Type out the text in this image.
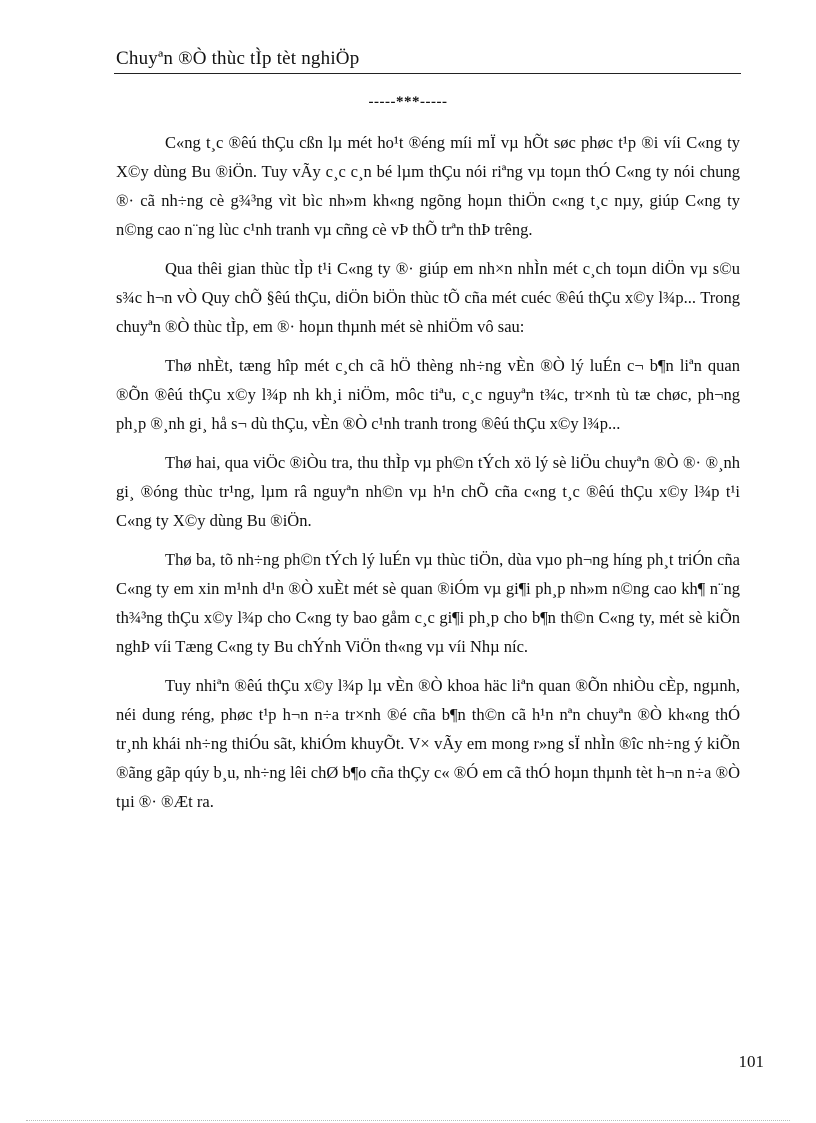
Chuyªn ®Ò thùc tÌp tèt nghiÖp
-----***-----

C«ng t¸c ®êú thÇu cßn lµ mét ho¹t ®éng míi mÏ vµ hÕt søc phøc t¹p ®i víi C«ng ty X©y dùng Bu ®iÖn. Tuy vÃy c¸c c¸n bé lµm thÇu nói riªng vµ toµn thÓ C«ng ty nói chung ®· cã nh÷ng cè g¾³ng vìt bìc nh»m kh«ng ngõng hoµn thiÖn c«ng t¸c nµy, giúp C«ng ty n©ng cao n¨ng lùc c¹nh tranh vµ cñng cè vÞ thÕ trªn thÞ trêng.

Qua thêi gian thùc tÌp t¹i C«ng ty ®· giúp em nh×n nhÌn mét c¸ch toµn diÖn vµ s©u s¾c h¬n vÒ Quy chÕ §êú thÇu, diÖn biÖn thùc tÕ cña mét cuéc ®êú thÇu x©y l¾p... Trong chuyªn ®Ò thùc tÌp, em ®· hoµn thµnh mét sè nhiÖm vô sau:

Thø nhÈt, tæng hîp mét c¸ch cã hÖ thèng nh÷ng vÈn ®Ò lý luÉn c¬ b¶n liªn quan ®Õn ®êú thÇu x©y l¾p nh kh¸i niÖm, môc tiªu, c¸c nguyªn t¾c, tr×nh tù tæ chøc, ph¬ng ph¸p ®¸nh gi¸ hå s¬ dù thÇu, vÈn ®Ò c¹nh tranh trong ®êú thÇu x©y l¾p...

Thø hai, qua viÖc ®iÒu tra, thu thÌp vµ ph©n tÝch xö lý sè liÖu chuyªn ®Ò ®· ®¸nh gi¸ ®óng thùc tr¹ng, lµm râ nguyªn nh©n vµ h¹n chÕ cña c«ng t¸c ®êú thÇu x©y l¾p t¹i C«ng ty X©y dùng Bu ®iÖn.

Thø ba, tõ nh÷ng ph©n tÝch lý luÉn vµ thùc tiÖn, dùa vµo ph¬ng híng ph¸t triÓn cña C«ng ty em xin m¹nh d¹n ®Ò xuÈt mét sè quan ®iÓm vµ gi¶i ph¸p nh»m n©ng cao kh¶ n¨ng th¾³ng thÇu x©y l¾p cho C«ng ty bao gåm c¸c gi¶i ph¸p cho b¶n th©n C«ng ty, mét sè kiÕn nghÞ víi Tæng C«ng ty Bu chÝnh ViÖn th«ng vµ víi Nhµ níc.

Tuy nhiªn ®êú thÇu x©y l¾p lµ vÈn ®Ò khoa häc liªn quan ®Õn nhiÒu cÈp, ngµnh, néi dung réng, phøc t¹p h¬n n÷a tr×nh ®é cña b¶n th©n cã h¹n nªn chuyªn ®Ò kh«ng thÓ tr¸nh khái nh÷ng thiÓu sãt, khiÓm khuyÕt. V× vÃy em mong r»ng sÏ nhÌn ®îc nh÷ng ý kiÕn ®ãng gãp qúy b¸u, nh÷ng lêi chØ b¶o cña thÇy c« ®Ó em cã thÓ hoµn thµnh tèt h¬n n÷a ®Ò tµi ®· ®Æt ra.

101
